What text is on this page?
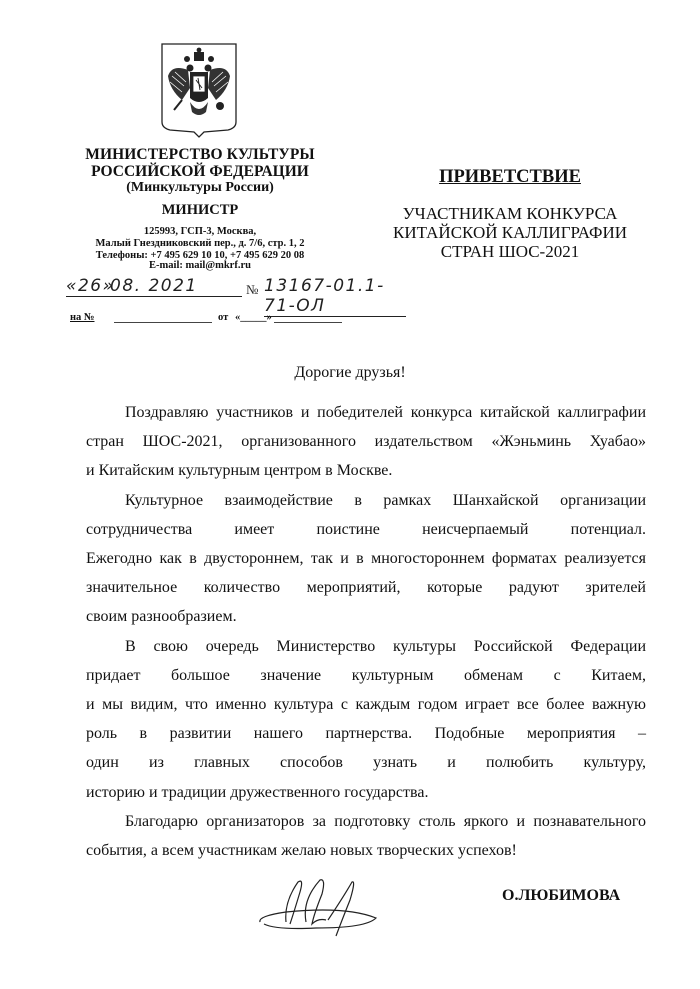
МИНИСТЕРСТВО КУЛЬТУРЫ
РОССИЙСКОЙ ФЕДЕРАЦИИ
(Минкультуры России)
МИНИСТР
125993, ГСП-3, Москва,
Малый Гнездниковский пер., д. 7/6, стр. 1, 2
Телефоны: +7 495 629 10 10, +7 495 629 20 08
E-mail: mail@mkrf.ru
«26»
08. 2021	№ 13167-01.1-71-ОЛ
на №	от «_____»
ПРИВЕТСТВИЕ
УЧАСТНИКАМ КОНКУРСА
КИТАЙСКОЙ КАЛЛИГРАФИИ
СТРАН ШОС-2021
Дорогие друзья!

Поздравляю участников и победителей конкурса китайской каллиграфии
стран ШОС-2021, организованного издательством «Жэньминь Хуабао»
и Китайским культурным центром в Москве.

Культурное взаимодействие в рамках Шанхайской организации
сотрудничества имеет поистине неисчерпаемый потенциал.
Ежегодно как в двустороннем, так и в многостороннем форматах реализуется
значительное количество мероприятий, которые радуют зрителей
своим разнообразием.

В свою очередь Министерство культуры Российской Федерации
придает большое значение культурным обменам с Китаем,
и мы видим, что именно культура с каждым годом играет все более важную
роль в развитии нашего партнерства. Подобные мероприятия –
один из главных способов узнать и полюбить культуру,
историю и традиции дружественного государства.

Благодарю организаторов за подготовку столь яркого и познавательного
события, а всем участникам желаю новых творческих успехов!

О.ЛЮБИМОВА
